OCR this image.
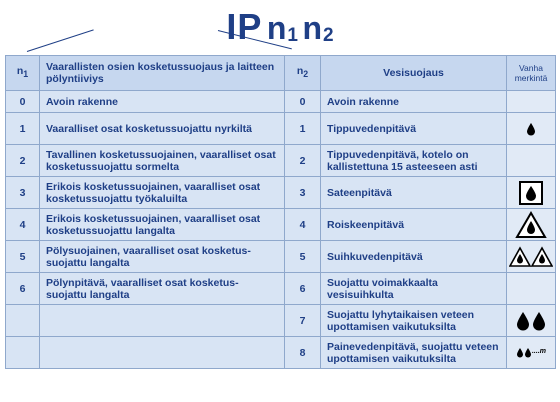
IP n1 n2
$n_1$	Vaarallisten osien kosketussuojaus ja laitteen pölyntiiviys	$n_2$	Vesisuojaus	Vanha merkintä
0	Avoin rakenne	0	Avoin rakenne	
1	Vaaralliset osat kosketussuojattu nyrkiltä	1	Tippuvedenpitävä	
2	Tavallinen kosketussuojainen, vaaralliset osat kosketussuojattu sormelta	2	Tippuvedenpitävä, kotelo on kallistettuna 15 asteeseen asti	
3	Erikois kosketussuojainen, vaaralliset osat kosketussuojattu työkaluilta	3	Sateenpitävä	
4	Erikois kosketussuojainen, vaaralliset osat kosketussuojattu langalta	4	Roiskeenpitävä	
5	Pölysuojainen, vaaralliset osat kosketus-suojattu langalta	5	Suihkuvedenpitävä	
6	Pölynpitävä, vaaralliset osat kosketus-suojattu langalta	6	Suojattu voimakkaalta vesisuihkulta	
		7	Suojattu lyhytaikaisen veteen upottamisen vaikutuksilta	
		8	Painevedenpitävä, suojattu veteen upottamisen vaikutuksilta	....m
